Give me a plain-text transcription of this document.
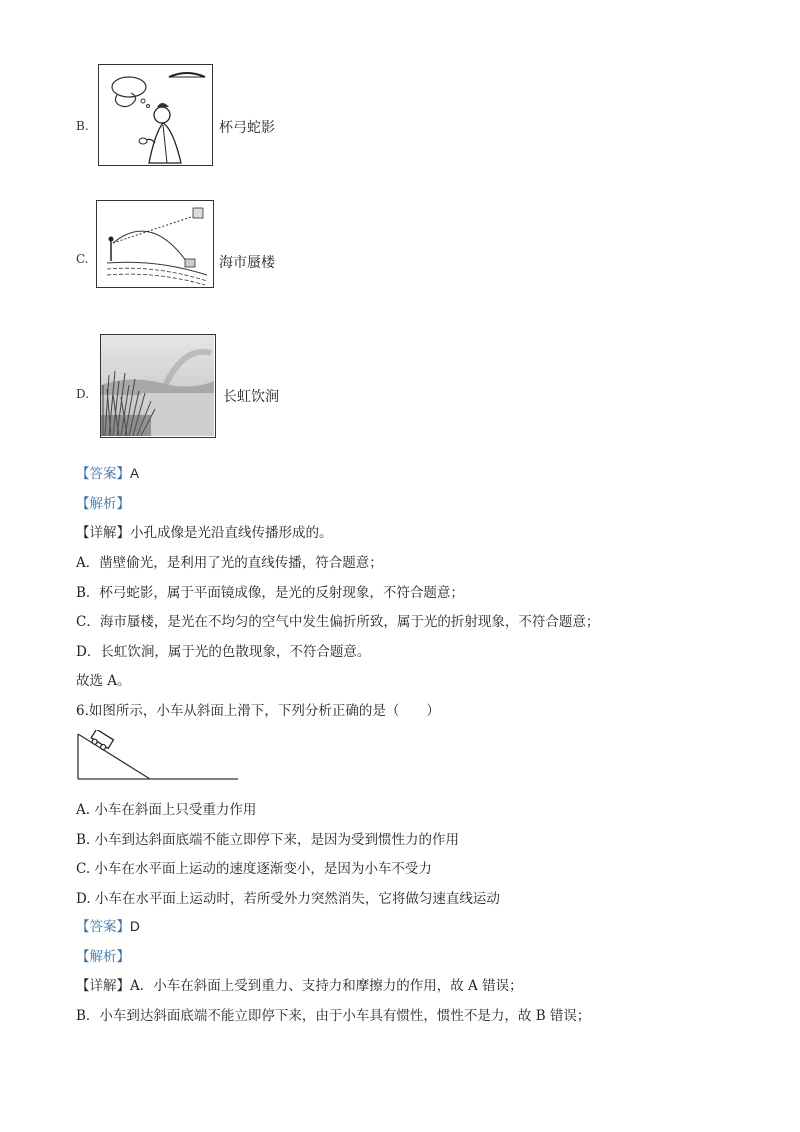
B.	杯弓蛇影
C.	海市蜃楼
D.	长虹饮涧
【答案】A
【解析】
【详解】小孔成像是光沿直线传播形成的。
A．凿壁偷光，是利用了光的直线传播，符合题意；
B．杯弓蛇影，属于平面镜成像，是光的反射现象，不符合题意；
C．海市蜃楼，是光在不均匀的空气中发生偏折所致，属于光的折射现象，不符合题意；
D．长虹饮涧，属于光的色散现象，不符合题意。
故选 A。
6.如图所示，小车从斜面上滑下，下列分析正确的是（　　）
A. 小车在斜面上只受重力作用
B. 小车到达斜面底端不能立即停下来，是因为受到惯性力的作用
C. 小车在水平面上运动的速度逐渐变小，是因为小车不受力
D. 小车在水平面上运动时，若所受外力突然消失，它将做匀速直线运动
【答案】D
【解析】
【详解】A．小车在斜面上受到重力、支持力和摩擦力的作用，故 A 错误；
B．小车到达斜面底端不能立即停下来，由于小车具有惯性，惯性不是力，故 B 错误；
